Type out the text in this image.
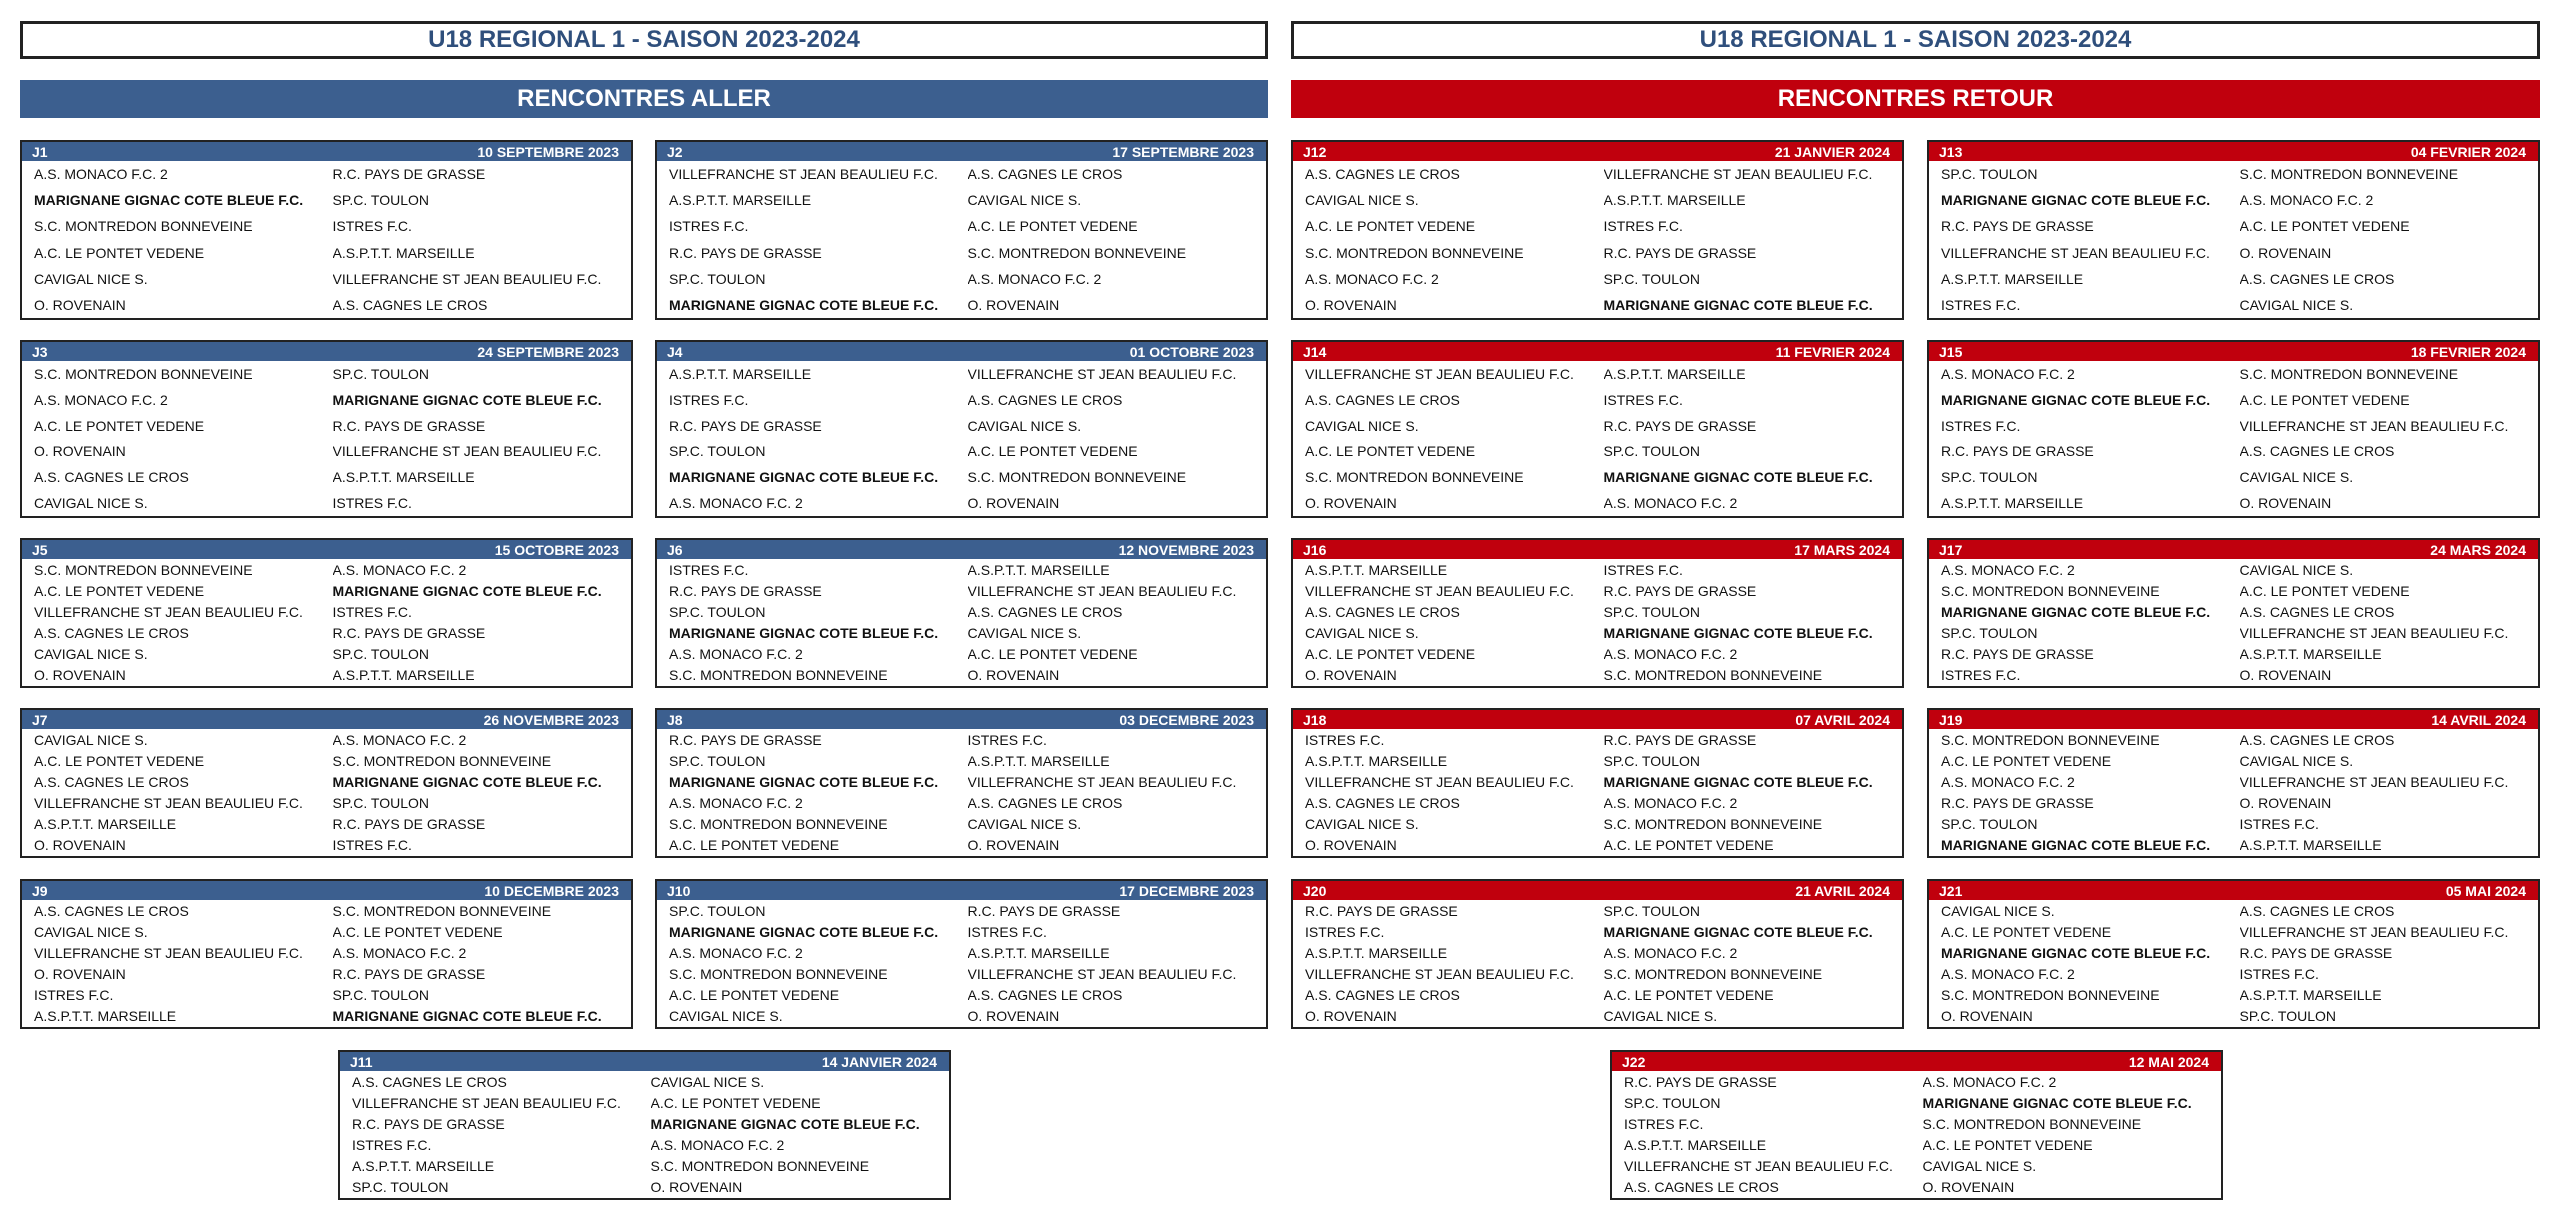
U18 REGIONAL 1 - SAISON 2023-2024	U18 REGIONAL 1 - SAISON 2023-2024
RENCONTRES ALLER	RENCONTRES RETOUR
J1	10 SEPTEMBRE 2023
A.S. MONACO F.C. 2	R.C. PAYS DE GRASSE
MARIGNANE GIGNAC COTE BLEUE F.C.	SP.C. TOULON
S.C. MONTREDON BONNEVEINE	ISTRES F.C.
A.C. LE PONTET VEDENE	A.S.P.T.T. MARSEILLE
CAVIGAL NICE S.	VILLEFRANCHE ST JEAN BEAULIEU F.C.
O. ROVENAIN	A.S. CAGNES LE CROS
J2	17 SEPTEMBRE 2023
VILLEFRANCHE ST JEAN BEAULIEU F.C.	A.S. CAGNES LE CROS
A.S.P.T.T. MARSEILLE	CAVIGAL NICE S.
ISTRES F.C.	A.C. LE PONTET VEDENE
R.C. PAYS DE GRASSE	S.C. MONTREDON BONNEVEINE
SP.C. TOULON	A.S. MONACO F.C. 2
MARIGNANE GIGNAC COTE BLEUE F.C.	O. ROVENAIN
J3	24 SEPTEMBRE 2023
S.C. MONTREDON BONNEVEINE	SP.C. TOULON
A.S. MONACO F.C. 2	MARIGNANE GIGNAC COTE BLEUE F.C.
A.C. LE PONTET VEDENE	R.C. PAYS DE GRASSE
O. ROVENAIN	VILLEFRANCHE ST JEAN BEAULIEU F.C.
A.S. CAGNES LE CROS	A.S.P.T.T. MARSEILLE
CAVIGAL NICE S.	ISTRES F.C.
J4	01 OCTOBRE 2023
A.S.P.T.T. MARSEILLE	VILLEFRANCHE ST JEAN BEAULIEU F.C.
ISTRES F.C.	A.S. CAGNES LE CROS
R.C. PAYS DE GRASSE	CAVIGAL NICE S.
SP.C. TOULON	A.C. LE PONTET VEDENE
MARIGNANE GIGNAC COTE BLEUE F.C.	S.C. MONTREDON BONNEVEINE
A.S. MONACO F.C. 2	O. ROVENAIN
J5	15 OCTOBRE 2023
S.C. MONTREDON BONNEVEINE	A.S. MONACO F.C. 2
A.C. LE PONTET VEDENE	MARIGNANE GIGNAC COTE BLEUE F.C.
VILLEFRANCHE ST JEAN BEAULIEU F.C.	ISTRES F.C.
A.S. CAGNES LE CROS	R.C. PAYS DE GRASSE
CAVIGAL NICE S.	SP.C. TOULON
O. ROVENAIN	A.S.P.T.T. MARSEILLE
J6	12 NOVEMBRE 2023
ISTRES F.C.	A.S.P.T.T. MARSEILLE
R.C. PAYS DE GRASSE	VILLEFRANCHE ST JEAN BEAULIEU F.C.
SP.C. TOULON	A.S. CAGNES LE CROS
MARIGNANE GIGNAC COTE BLEUE F.C.	CAVIGAL NICE S.
A.S. MONACO F.C. 2	A.C. LE PONTET VEDENE
S.C. MONTREDON BONNEVEINE	O. ROVENAIN
J7	26 NOVEMBRE 2023
CAVIGAL NICE S.	A.S. MONACO F.C. 2
A.C. LE PONTET VEDENE	S.C. MONTREDON BONNEVEINE
A.S. CAGNES LE CROS	MARIGNANE GIGNAC COTE BLEUE F.C.
VILLEFRANCHE ST JEAN BEAULIEU F.C.	SP.C. TOULON
A.S.P.T.T. MARSEILLE	R.C. PAYS DE GRASSE
O. ROVENAIN	ISTRES F.C.
J8	03 DECEMBRE 2023
R.C. PAYS DE GRASSE	ISTRES F.C.
SP.C. TOULON	A.S.P.T.T. MARSEILLE
MARIGNANE GIGNAC COTE BLEUE F.C.	VILLEFRANCHE ST JEAN BEAULIEU F.C.
A.S. MONACO F.C. 2	A.S. CAGNES LE CROS
S.C. MONTREDON BONNEVEINE	CAVIGAL NICE S.
A.C. LE PONTET VEDENE	O. ROVENAIN
J9	10 DECEMBRE 2023
A.S. CAGNES LE CROS	S.C. MONTREDON BONNEVEINE
CAVIGAL NICE S.	A.C. LE PONTET VEDENE
VILLEFRANCHE ST JEAN BEAULIEU F.C.	A.S. MONACO F.C. 2
O. ROVENAIN	R.C. PAYS DE GRASSE
ISTRES F.C.	SP.C. TOULON
A.S.P.T.T. MARSEILLE	MARIGNANE GIGNAC COTE BLEUE F.C.
J10	17 DECEMBRE 2023
SP.C. TOULON	R.C. PAYS DE GRASSE
MARIGNANE GIGNAC COTE BLEUE F.C.	ISTRES F.C.
A.S. MONACO F.C. 2	A.S.P.T.T. MARSEILLE
S.C. MONTREDON BONNEVEINE	VILLEFRANCHE ST JEAN BEAULIEU F.C.
A.C. LE PONTET VEDENE	A.S. CAGNES LE CROS
CAVIGAL NICE S.	O. ROVENAIN
J11	14 JANVIER 2024
A.S. CAGNES LE CROS	CAVIGAL NICE S.
VILLEFRANCHE ST JEAN BEAULIEU F.C.	A.C. LE PONTET VEDENE
R.C. PAYS DE GRASSE	MARIGNANE GIGNAC COTE BLEUE F.C.
ISTRES F.C.	A.S. MONACO F.C. 2
A.S.P.T.T. MARSEILLE	S.C. MONTREDON BONNEVEINE
SP.C. TOULON	O. ROVENAIN
J12	21 JANVIER 2024
A.S. CAGNES LE CROS	VILLEFRANCHE ST JEAN BEAULIEU F.C.
CAVIGAL NICE S.	A.S.P.T.T. MARSEILLE
A.C. LE PONTET VEDENE	ISTRES F.C.
S.C. MONTREDON BONNEVEINE	R.C. PAYS DE GRASSE
A.S. MONACO F.C. 2	SP.C. TOULON
O. ROVENAIN	MARIGNANE GIGNAC COTE BLEUE F.C.
J13	04 FEVRIER 2024
SP.C. TOULON	S.C. MONTREDON BONNEVEINE
MARIGNANE GIGNAC COTE BLEUE F.C.	A.S. MONACO F.C. 2
R.C. PAYS DE GRASSE	A.C. LE PONTET VEDENE
VILLEFRANCHE ST JEAN BEAULIEU F.C.	O. ROVENAIN
A.S.P.T.T. MARSEILLE	A.S. CAGNES LE CROS
ISTRES F.C.	CAVIGAL NICE S.
J14	11 FEVRIER 2024
VILLEFRANCHE ST JEAN BEAULIEU F.C.	A.S.P.T.T. MARSEILLE
A.S. CAGNES LE CROS	ISTRES F.C.
CAVIGAL NICE S.	R.C. PAYS DE GRASSE
A.C. LE PONTET VEDENE	SP.C. TOULON
S.C. MONTREDON BONNEVEINE	MARIGNANE GIGNAC COTE BLEUE F.C.
O. ROVENAIN	A.S. MONACO F.C. 2
J15	18 FEVRIER 2024
A.S. MONACO F.C. 2	S.C. MONTREDON BONNEVEINE
MARIGNANE GIGNAC COTE BLEUE F.C.	A.C. LE PONTET VEDENE
ISTRES F.C.	VILLEFRANCHE ST JEAN BEAULIEU F.C.
R.C. PAYS DE GRASSE	A.S. CAGNES LE CROS
SP.C. TOULON	CAVIGAL NICE S.
A.S.P.T.T. MARSEILLE	O. ROVENAIN
J16	17 MARS 2024
A.S.P.T.T. MARSEILLE	ISTRES F.C.
VILLEFRANCHE ST JEAN BEAULIEU F.C.	R.C. PAYS DE GRASSE
A.S. CAGNES LE CROS	SP.C. TOULON
CAVIGAL NICE S.	MARIGNANE GIGNAC COTE BLEUE F.C.
A.C. LE PONTET VEDENE	A.S. MONACO F.C. 2
O. ROVENAIN	S.C. MONTREDON BONNEVEINE
J17	24 MARS 2024
A.S. MONACO F.C. 2	CAVIGAL NICE S.
S.C. MONTREDON BONNEVEINE	A.C. LE PONTET VEDENE
MARIGNANE GIGNAC COTE BLEUE F.C.	A.S. CAGNES LE CROS
SP.C. TOULON	VILLEFRANCHE ST JEAN BEAULIEU F.C.
R.C. PAYS DE GRASSE	A.S.P.T.T. MARSEILLE
ISTRES F.C.	O. ROVENAIN
J18	07 AVRIL 2024
ISTRES F.C.	R.C. PAYS DE GRASSE
A.S.P.T.T. MARSEILLE	SP.C. TOULON
VILLEFRANCHE ST JEAN BEAULIEU F.C.	MARIGNANE GIGNAC COTE BLEUE F.C.
A.S. CAGNES LE CROS	A.S. MONACO F.C. 2
CAVIGAL NICE S.	S.C. MONTREDON BONNEVEINE
O. ROVENAIN	A.C. LE PONTET VEDENE
J19	14 AVRIL 2024
S.C. MONTREDON BONNEVEINE	A.S. CAGNES LE CROS
A.C. LE PONTET VEDENE	CAVIGAL NICE S.
A.S. MONACO F.C. 2	VILLEFRANCHE ST JEAN BEAULIEU F.C.
R.C. PAYS DE GRASSE	O. ROVENAIN
SP.C. TOULON	ISTRES F.C.
MARIGNANE GIGNAC COTE BLEUE F.C.	A.S.P.T.T. MARSEILLE
J20	21 AVRIL 2024
R.C. PAYS DE GRASSE	SP.C. TOULON
ISTRES F.C.	MARIGNANE GIGNAC COTE BLEUE F.C.
A.S.P.T.T. MARSEILLE	A.S. MONACO F.C. 2
VILLEFRANCHE ST JEAN BEAULIEU F.C.	S.C. MONTREDON BONNEVEINE
A.S. CAGNES LE CROS	A.C. LE PONTET VEDENE
O. ROVENAIN	CAVIGAL NICE S.
J21	05 MAI 2024
CAVIGAL NICE S.	A.S. CAGNES LE CROS
A.C. LE PONTET VEDENE	VILLEFRANCHE ST JEAN BEAULIEU F.C.
MARIGNANE GIGNAC COTE BLEUE F.C.	R.C. PAYS DE GRASSE
A.S. MONACO F.C. 2	ISTRES F.C.
S.C. MONTREDON BONNEVEINE	A.S.P.T.T. MARSEILLE
O. ROVENAIN	SP.C. TOULON
J22	12 MAI 2024
R.C. PAYS DE GRASSE	A.S. MONACO F.C. 2
SP.C. TOULON	MARIGNANE GIGNAC COTE BLEUE F.C.
ISTRES F.C.	S.C. MONTREDON BONNEVEINE
A.S.P.T.T. MARSEILLE	A.C. LE PONTET VEDENE
VILLEFRANCHE ST JEAN BEAULIEU F.C.	CAVIGAL NICE S.
A.S. CAGNES LE CROS	O. ROVENAIN
